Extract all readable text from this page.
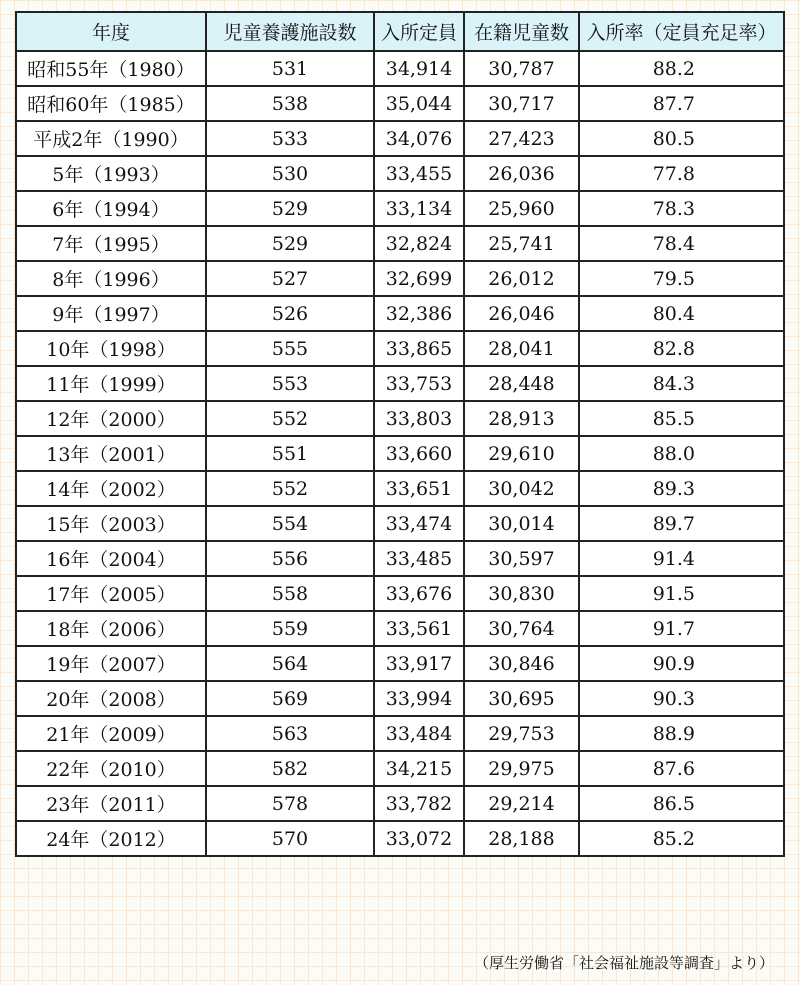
年度	児童養護施設数	入所定員	在籍児童数	入所率（定員充足率）
昭和55年（1980）	531	34,914	30,787	88.2
昭和60年（1985）	538	35,044	30,717	87.7
平成2年（1990）	533	34,076	27,423	80.5
5年（1993）	530	33,455	26,036	77.8
6年（1994）	529	33,134	25,960	78.3
7年（1995）	529	32,824	25,741	78.4
8年（1996）	527	32,699	26,012	79.5
9年（1997）	526	32,386	26,046	80.4
10年（1998）	555	33,865	28,041	82.8
11年（1999）	553	33,753	28,448	84.3
12年（2000）	552	33,803	28,913	85.5
13年（2001）	551	33,660	29,610	88.0
14年（2002）	552	33,651	30,042	89.3
15年（2003）	554	33,474	30,014	89.7
16年（2004）	556	33,485	30,597	91.4
17年（2005）	558	33,676	30,830	91.5
18年（2006）	559	33,561	30,764	91.7
19年（2007）	564	33,917	30,846	90.9
20年（2008）	569	33,994	30,695	90.3
21年（2009）	563	33,484	29,753	88.9
22年（2010）	582	34,215	29,975	87.6
23年（2011）	578	33,782	29,214	86.5
24年（2012）	570	33,072	28,188	85.2
（厚生労働省「社会福祉施設等調査」より）
